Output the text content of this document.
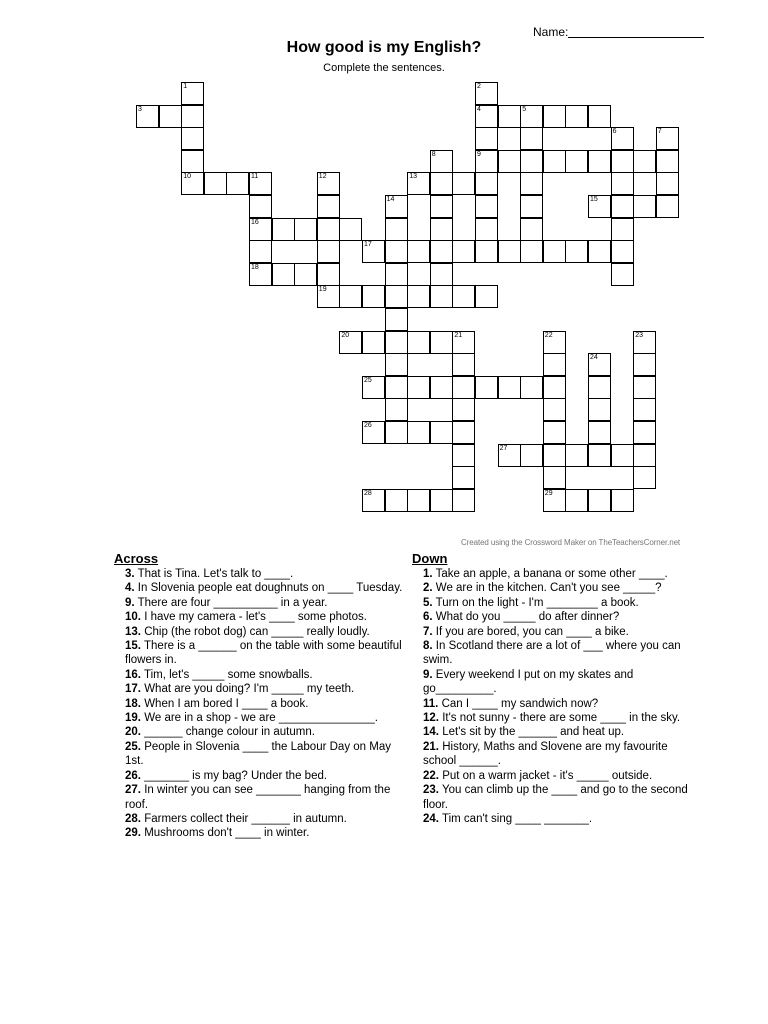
Name:
How good is my English?
Complete the sentences.
3
1
10
2
4	5
6	7
8	9
11
16
18
12	13
14	15
17
19
20	21	22
29
23
24
25
26
27
28
Created using the Crossword Maker on TheTeachersCorner.net
Across
3. That is Tina. Let's talk to ____.
4. In Slovenia people eat doughnuts on ____ Tuesday.
9. There are four __________ in a year.
10. I have my camera - let's ____ some photos.
13. Chip (the robot dog) can _____ really loudly.
15. There is a ______ on the table with some beautiful flowers in.
16. Tim, let's _____ some snowballs.
17. What are you doing? I'm _____ my teeth.
18. When I am bored I ____ a book.
19. We are in a shop - we are _______________.
20. ______ change colour in autumn.
25. People in Slovenia ____ the Labour Day on May 1st.
26. _______ is my bag? Under the bed.
27. In winter you can see _______ hanging from the roof.
28. Farmers collect their ______ in autumn.
29. Mushrooms don't ____ in winter.
Down
1. Take an apple, a banana or some other ____.
2. We are in the kitchen. Can't you see _____?
5. Turn on the light - I'm ________ a book.
6. What do you _____ do after dinner?
7. If you are bored, you can ____ a bike.
8. In Scotland there are a lot of ___ where you can swim.
9. Every weekend I put on my skates and go_________.
11. Can I ____ my sandwich now?
12. It's not sunny - there are some ____ in the sky.
14. Let's sit by the ______ and heat up.
21. History, Maths and Slovene are my favourite school ______.
22. Put on a warm jacket - it's _____ outside.
23. You can climb up the ____ and go to the second floor.
24. Tim can't sing ____ _______.
